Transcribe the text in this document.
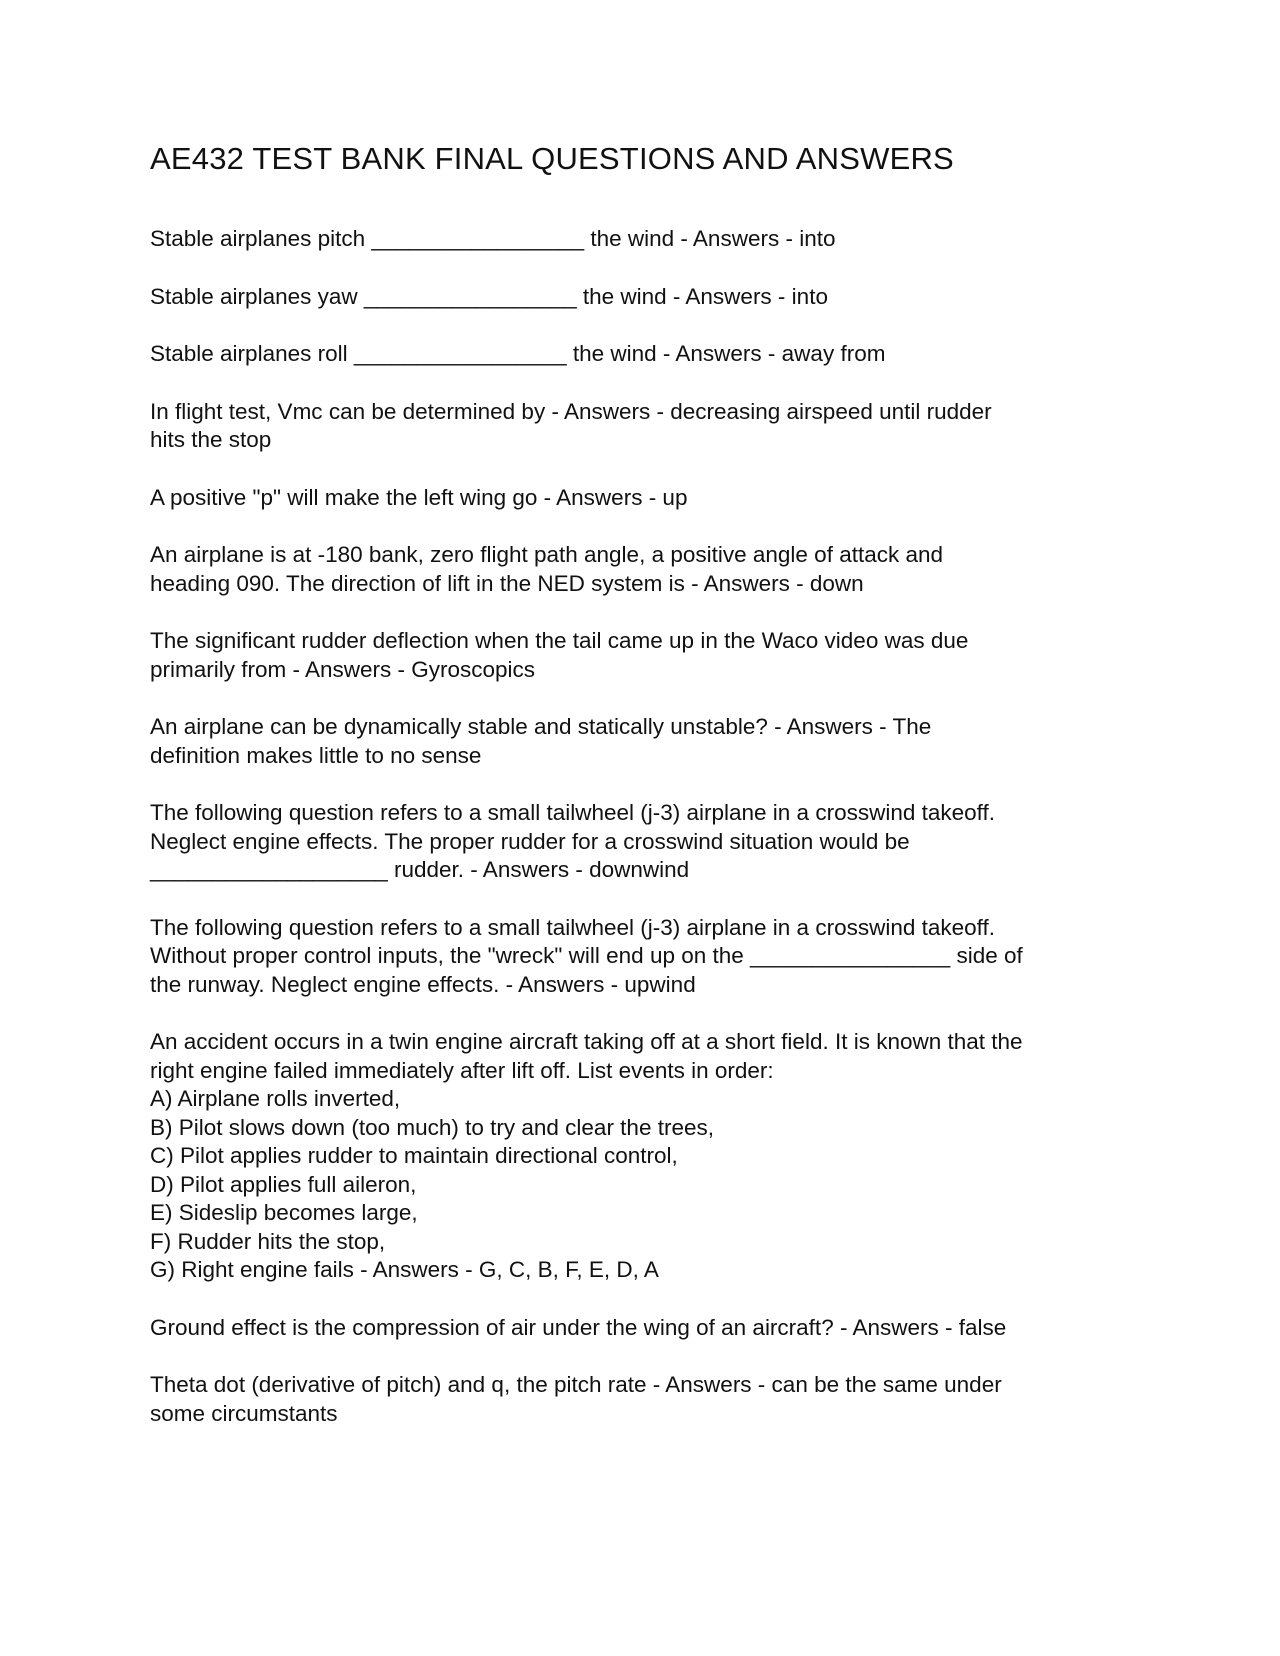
AE432 TEST BANK FINAL QUESTIONS AND ANSWERS

Stable airplanes pitch _________________ the wind - Answers - into

Stable airplanes yaw _________________ the wind - Answers - into

Stable airplanes roll _________________ the wind - Answers - away from

In flight test, Vmc can be determined by - Answers - decreasing airspeed until rudder
hits the stop

A positive "p" will make the left wing go - Answers - up

An airplane is at -180 bank, zero flight path angle, a positive angle of attack and
heading 090. The direction of lift in the NED system is - Answers - down

The significant rudder deflection when the tail came up in the Waco video was due
primarily from - Answers - Gyroscopics

An airplane can be dynamically stable and statically unstable? - Answers - The
definition makes little to no sense

The following question refers to a small tailwheel (j-3) airplane in a crosswind takeoff.
Neglect engine effects. The proper rudder for a crosswind situation would be
___________________ rudder. - Answers - downwind

The following question refers to a small tailwheel (j-3) airplane in a crosswind takeoff.
Without proper control inputs, the "wreck" will end up on the ________________ side of
the runway. Neglect engine effects. - Answers - upwind

An accident occurs in a twin engine aircraft taking off at a short field. It is known that the
right engine failed immediately after lift off. List events in order:
A) Airplane rolls inverted,
B) Pilot slows down (too much) to try and clear the trees,
C) Pilot applies rudder to maintain directional control,
D) Pilot applies full aileron,
E) Sideslip becomes large,
F) Rudder hits the stop,
G) Right engine fails - Answers - G, C, B, F, E, D, A

Ground effect is the compression of air under the wing of an aircraft? - Answers - false

Theta dot (derivative of pitch) and q, the pitch rate - Answers - can be the same under
some circumstants
